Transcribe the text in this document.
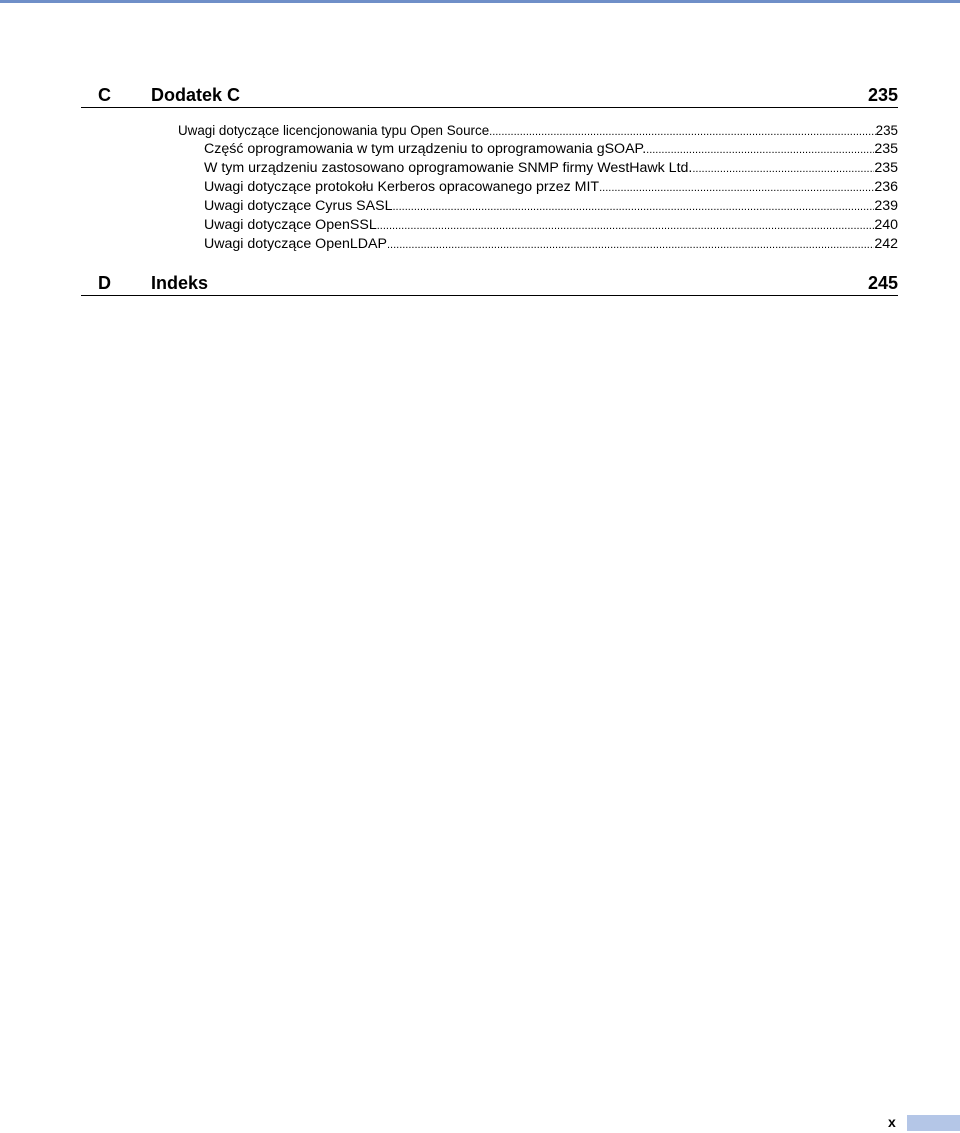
C Dodatek C	235
Uwagi dotyczące licencjonowania typu Open Source .....	235
Część oprogramowania w tym urządzeniu to oprogramowania gSOAP. .....	235
W tym urządzeniu zastosowano oprogramowanie SNMP firmy WestHawk Ltd. .....	235
Uwagi dotyczące protokołu Kerberos opracowanego przez MIT .....	236
Uwagi dotyczące Cyrus SASL .....	239
Uwagi dotyczące OpenSSL .....	240
Uwagi dotyczące OpenLDAP .....	242
D Indeks	245
x
